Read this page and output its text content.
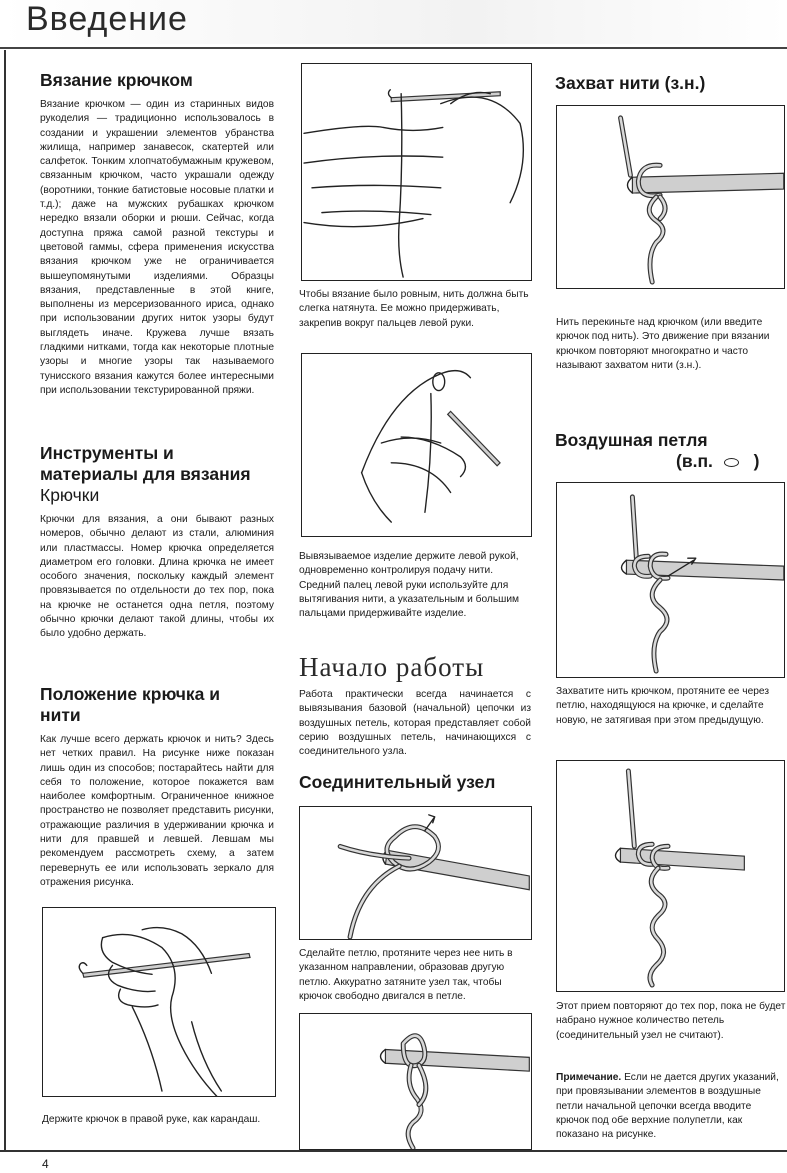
Введение
Вязание крючком

Вязание крючком — один из старинных видов рукоделия — традиционно использовалось в создании и украшении элементов убранства жилища, например занавесок, скатертей или салфеток. Тонким хлопчатобумажным кружевом, связанным крючком, часто украшали одежду (воротники, тонкие батистовые носовые платки и т.д.); даже на мужских рубашках крючком нередко вязали оборки и рюши. Сейчас, когда доступна пряжа самой разной текстуры и цветовой гаммы, сфера применения искусства вязания крючком уже не ограничивается вышеупомянутыми изделиями. Образцы вязания, представленные в этой книге, выполнены из мерсеризованного ириса, однако при использовании других ниток узоры будут выглядеть иначе. Кружева лучше вязать гладкими нитками, тогда как некоторые плотные узоры и многие узоры так называемого тунисского вязания кажутся более интересными при использовании текстурированной пряжи.

Инструменты и материалы для вязания
Крючки

Крючки для вязания, а они бывают разных номеров, обычно делают из стали, алюминия или пластмассы. Номер крючка определяется диаметром его головки. Длина крючка не имеет особого значения, поскольку каждый элемент провязывается по отдельности до тех пор, пока на крючке не останется одна петля, поэтому обычно крючки делают такой длины, чтобы их было удобно держать.

Положение крючка и нити

Как лучше всего держать крючок и нить? Здесь нет четких правил. На рисунке ниже показан лишь один из способов; постарайтесь найти для себя то положение, которое покажется вам наиболее комфортным. Ограниченное книжное пространство не позволяет представить рисунки, отражающие различия в удерживании крючка и нити для правшей и левшей. Левшам мы рекомендуем рассмотреть схему, а затем перевернуть ее или использовать зеркало для отражения рисунка.

Держите крючок в правой руке, как карандаш.

Чтобы вязание было ровным, нить должна быть слегка натянута. Ее можно придерживать, закрепив вокруг пальцев левой руки.

Вывязываемое изделие держите левой рукой, одновременно контролируя подачу нити. Средний палец левой руки используйте для вытягивания нити, а указательным и большим пальцами придерживайте изделие.

Начало работы

Работа практически всегда начинается с вывязывания базовой (начальной) цепочки из воздушных петель, которая представляет собой серию воздушных петель, начинающихся с соединительного узла.

Соединительный узел

Сделайте петлю, протяните через нее нить в указанном направлении, образовав другую петлю. Аккуратно затяните узел так, чтобы крючок свободно двигался в петле.

Захват нити (з.н.)

Нить перекиньте над крючком (или введите крючок под нить). Это движение при вязании крючком повторяют многократно и часто называют захватом нити (з.н.).

Воздушная петля
(в.п. )

Захватите нить крючком, протяните ее через петлю, находящуюся на крючке, и сделайте новую, не затягивая при этом предыдущую.

Этот прием повторяют до тех пор, пока не будет набрано нужное количество петель (соединительный узел не считают).

Примечание. Если не дается других указаний, при провязывании элементов в воздушные петли начальной цепочки всегда вводите крючок под обе верхние полупетли, как показано на рисунке.

4
